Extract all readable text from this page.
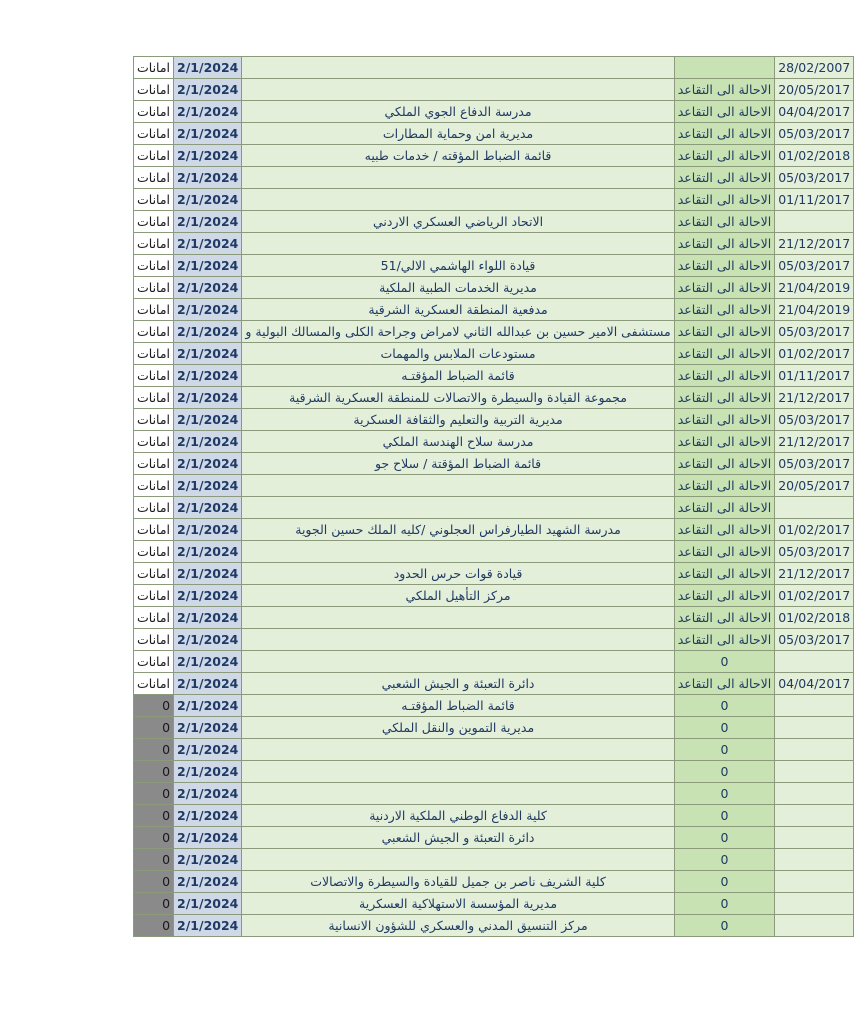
امانات	2/1/2024			28/02/2007
امانات	2/1/2024		الاحالة الى التقاعد	20/05/2017
امانات	2/1/2024	مدرسة الدفاع الجوي الملكي	الاحالة الى التقاعد	04/04/2017
امانات	2/1/2024	مديرية امن وحماية المطارات	الاحالة الى التقاعد	05/03/2017
امانات	2/1/2024	قائمة الضباط المؤقته / خدمات طبيه	الاحالة الى التقاعد	01/02/2018
امانات	2/1/2024		الاحالة الى التقاعد	05/03/2017
امانات	2/1/2024		الاحالة الى التقاعد	01/11/2017
امانات	2/1/2024	الاتحاد الرياضي العسكري الاردني	الاحالة الى التقاعد	
امانات	2/1/2024		الاحالة الى التقاعد	21/12/2017
امانات	2/1/2024	قيادة اللواء الهاشمي الالي/51	الاحالة الى التقاعد	05/03/2017
امانات	2/1/2024	مديرية الخدمات الطبية الملكية	الاحالة الى التقاعد	21/04/2019
امانات	2/1/2024	مدفعية المنطقة العسكرية الشرقية	الاحالة الى التقاعد	21/04/2019
امانات	2/1/2024	مستشفى الامير حسين بن عبدالله الثاني لامراض وجراحة الكلى والمسالك البولية و	الاحالة الى التقاعد	05/03/2017
امانات	2/1/2024	مستودعات الملابس والمهمات	الاحالة الى التقاعد	01/02/2017
امانات	2/1/2024	قائمة الضباط المؤقتـه	الاحالة الى التقاعد	01/11/2017
امانات	2/1/2024	مجموعة القيادة والسيطرة والاتصالات للمنطقة العسكرية الشرقية	الاحالة الى التقاعد	21/12/2017
امانات	2/1/2024	مديرية التربية والتعليم والثقافة العسكرية	الاحالة الى التقاعد	05/03/2017
امانات	2/1/2024	مدرسة سلاح الهندسة الملكي	الاحالة الى التقاعد	21/12/2017
امانات	2/1/2024	قائمة الضباط المؤقتة / سلاح جو	الاحالة الى التقاعد	05/03/2017
امانات	2/1/2024		الاحالة الى التقاعد	20/05/2017
امانات	2/1/2024		الاحالة الى التقاعد	
امانات	2/1/2024	مدرسة الشهيد الطيارفراس العجلوني /كليه الملك حسين الجوية	الاحالة الى التقاعد	01/02/2017
امانات	2/1/2024		الاحالة الى التقاعد	05/03/2017
امانات	2/1/2024	قيادة قوات حرس الحدود	الاحالة الى التقاعد	21/12/2017
امانات	2/1/2024	مركز التأهيل الملكي	الاحالة الى التقاعد	01/02/2017
امانات	2/1/2024		الاحالة الى التقاعد	01/02/2018
امانات	2/1/2024		الاحالة الى التقاعد	05/03/2017
امانات	2/1/2024		0	
امانات	2/1/2024	دائرة التعبئة و الجيش الشعبي	الاحالة الى التقاعد	04/04/2017
0	2/1/2024	قائمة الضباط المؤقتـه	0	
0	2/1/2024	مديرية التموين والنقل الملكي	0	
0	2/1/2024		0	
0	2/1/2024		0	
0	2/1/2024		0	
0	2/1/2024	كلية الدفاع الوطني الملكية الاردنية	0	
0	2/1/2024	دائرة التعبئة و الجيش الشعبي	0	
0	2/1/2024		0	
0	2/1/2024	كلية الشريف ناصر بن جميل للقيادة والسيطرة والاتصالات	0	
0	2/1/2024	مديرية المؤسسة الاستهلاكية العسكرية	0	
0	2/1/2024	مركز التنسيق المدني والعسكري للشؤون الانسانية	0	
